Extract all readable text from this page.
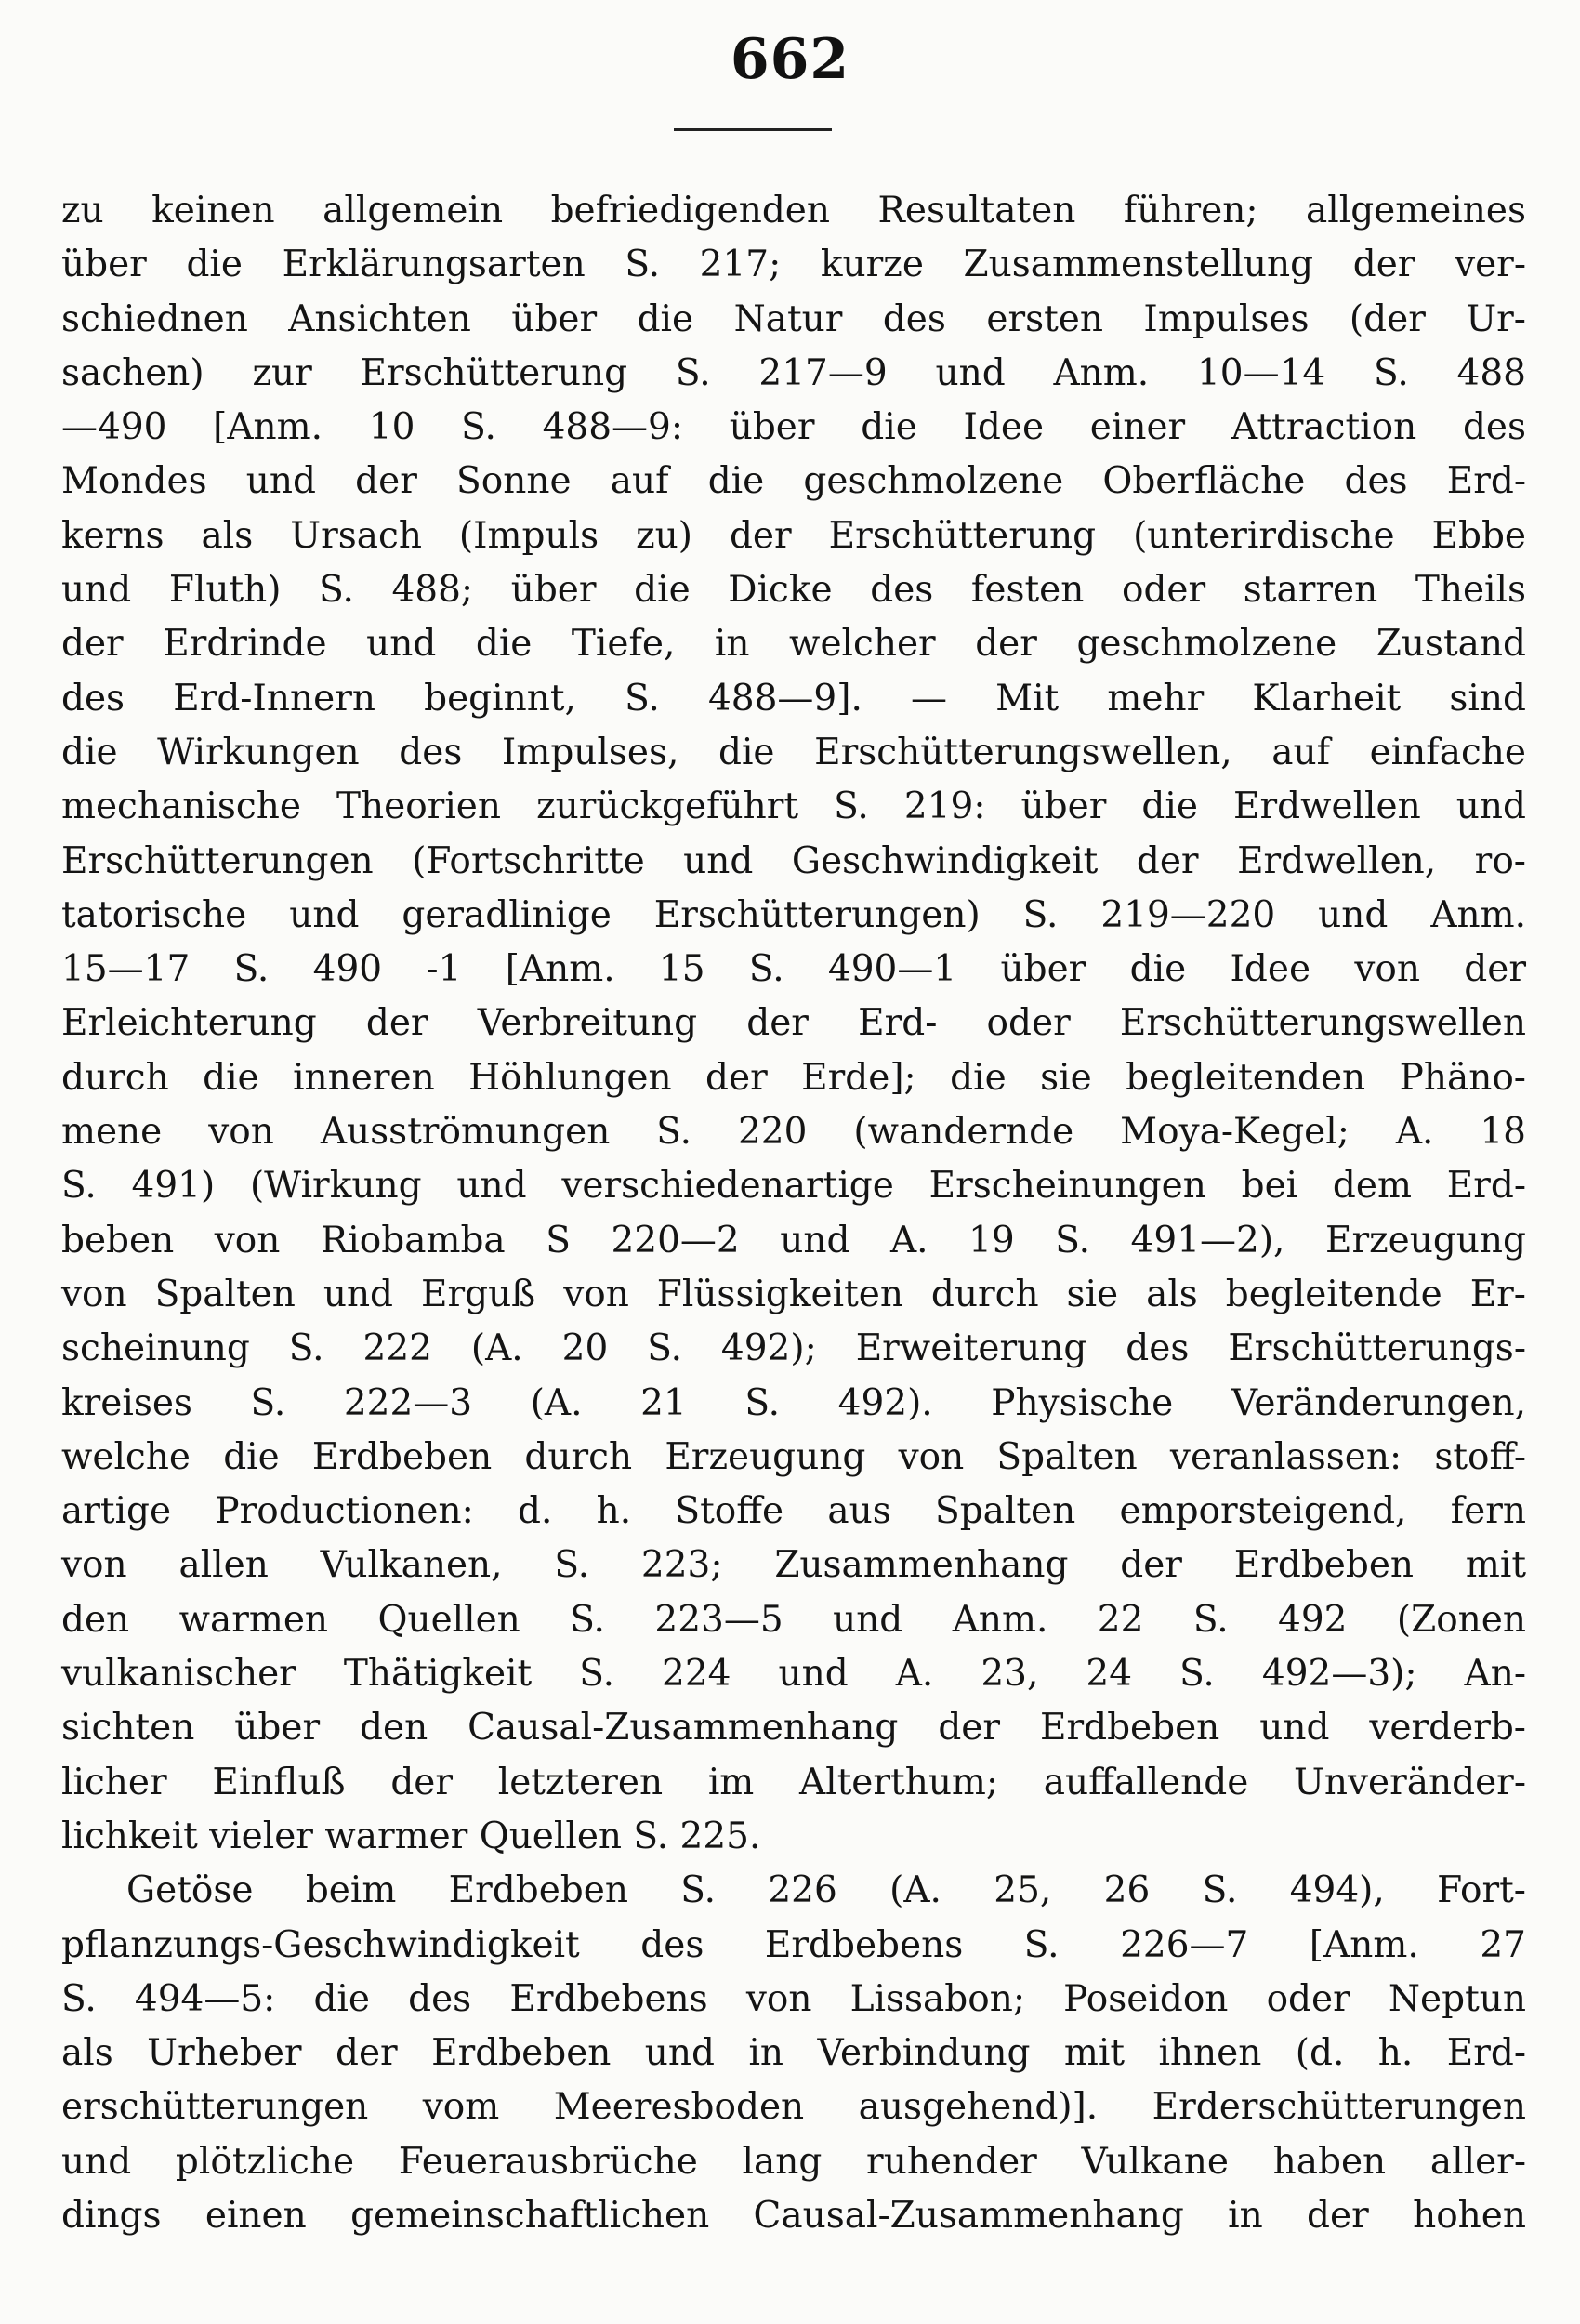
662

zu keinen allgemein befriedigenden Resultaten führen; allgemeines

über die Erklärungsarten S. 217; kurze Zusammenstellung der ver-

schiednen Ansichten über die Natur des ersten Impulses (der Ur-

sachen) zur Erschütterung S. 217—9 und Anm. 10—14 S. 488

—490 [Anm. 10 S. 488—9: über die Idee einer Attraction des

Mondes und der Sonne auf die geschmolzene Oberfläche des Erd-

kerns als Ursach (Impuls zu) der Erschütterung (unterirdische Ebbe

und Fluth) S. 488; über die Dicke des festen oder starren Theils

der Erdrinde und die Tiefe, in welcher der geschmolzene Zustand

des Erd-Innern beginnt, S. 488—9]. — Mit mehr Klarheit sind

die Wirkungen des Impulses, die Erschütterungswellen, auf einfache

mechanische Theorien zurückgeführt S. 219: über die Erdwellen und

Erschütterungen (Fortschritte und Geschwindigkeit der Erdwellen, ro-

tatorische und geradlinige Erschütterungen) S. 219—220 und Anm.

15—17 S. 490 -1 [Anm. 15 S. 490—1 über die Idee von der

Erleichterung der Verbreitung der Erd- oder Erschütterungswellen

durch die inneren Höhlungen der Erde]; die sie begleitenden Phäno-

mene von Ausströmungen S. 220 (wandernde Moya-Kegel; A. 18

S. 491) (Wirkung und verschiedenartige Erscheinungen bei dem Erd-

beben von Riobamba S 220—2 und A. 19 S. 491—2), Erzeugung

von Spalten und Erguß von Flüssigkeiten durch sie als begleitende Er-

scheinung S. 222 (A. 20 S. 492); Erweiterung des Erschütterungs-

kreises S. 222—3 (A. 21 S. 492). Physische Veränderungen,

welche die Erdbeben durch Erzeugung von Spalten veranlassen: stoff-

artige Productionen: d. h. Stoffe aus Spalten emporsteigend, fern

von allen Vulkanen, S. 223; Zusammenhang der Erdbeben mit

den warmen Quellen S. 223—5 und Anm. 22 S. 492 (Zonen

vulkanischer Thätigkeit S. 224 und A. 23, 24 S. 492—3); An-

sichten über den Causal-Zusammenhang der Erdbeben und verderb-

licher Einfluß der letzteren im Alterthum; auffallende Unveränder-

lichkeit vieler warmer Quellen S. 225.

Getöse beim Erdbeben S. 226 (A. 25, 26 S. 494), Fort-

pflanzungs-Geschwindigkeit des Erdbebens S. 226—7 [Anm. 27

S. 494—5: die des Erdbebens von Lissabon; Poseidon oder Neptun

als Urheber der Erdbeben und in Verbindung mit ihnen (d. h. Erd-

erschütterungen vom Meeresboden ausgehend)]. Erderschütterungen

und plötzliche Feuerausbrüche lang ruhender Vulkane haben aller-

dings einen gemeinschaftlichen Causal-Zusammenhang in der hohen
